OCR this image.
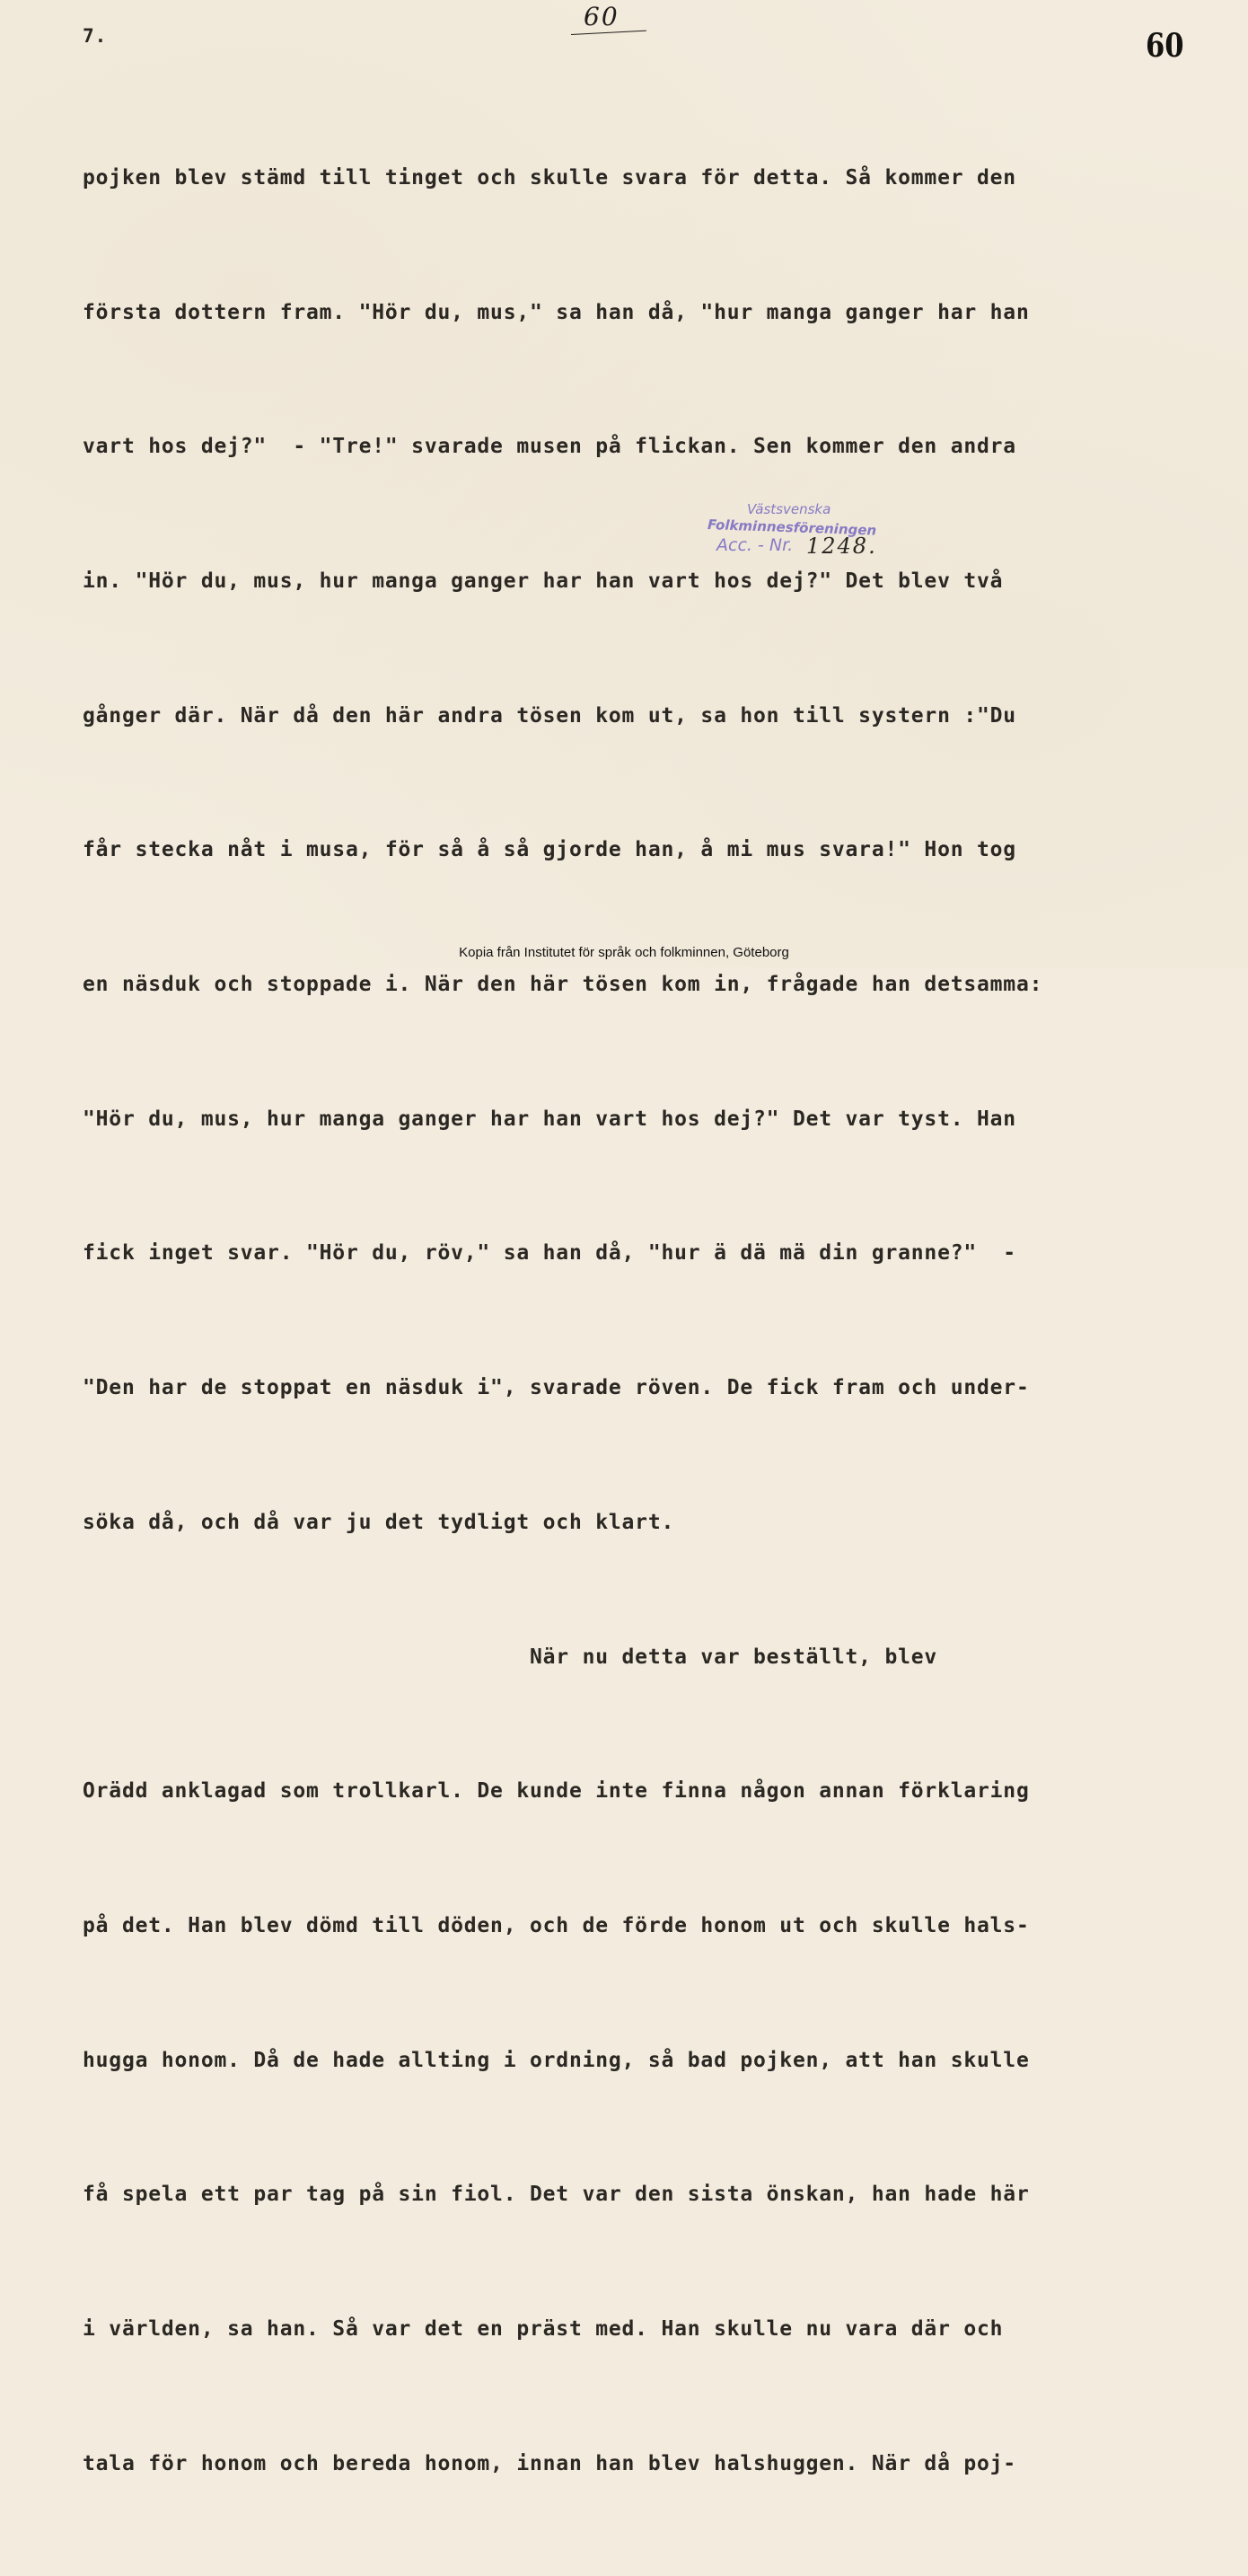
7.
60
60

pojken blev stämd till tinget och skulle svara för detta. Så kommer den

första dottern fram. "Hör du, mus," sa han då, "hur manga ganger har han

vart hos dej?"  - "Tre!" svarade musen på flickan. Sen kommer den andra

in. "Hör du, mus, hur manga ganger har han vart hos dej?" Det blev två

gånger där. När då den här andra tösen kom ut, sa hon till systern :"Du

får stecka nåt i musa, för så å så gjorde han, å mi mus svara!" Hon tog

en näsduk och stoppade i. När den här tösen kom in, frågade han detsamma:

"Hör du, mus, hur manga ganger har han vart hos dej?" Det var tyst. Han

fick inget svar. "Hör du, röv," sa han då, "hur ä dä mä din granne?"  -

"Den har de stoppat en näsduk i", svarade röven. De fick fram och under-

söka då, och då var ju det tydligt och klart.

När nu detta var beställt, blev

Orädd anklagad som trollkarl. De kunde inte finna någon annan förklaring

på det. Han blev dömd till döden, och de förde honom ut och skulle hals-

hugga honom. Då de hade allting i ordning, så bad pojken, att han skulle

få spela ett par tag på sin fiol. Det var den sista önskan, han hade här

i världen, sa han. Så var det en präst med. Han skulle nu vara där och

tala för honom och bereda honom, innan han blev halshuggen. När då poj-

Västsvenska
Folkminnesföreningen
Acc. - Nr. 1248.
Kopia från Institutet för språk och folkminnen, Göteborg
